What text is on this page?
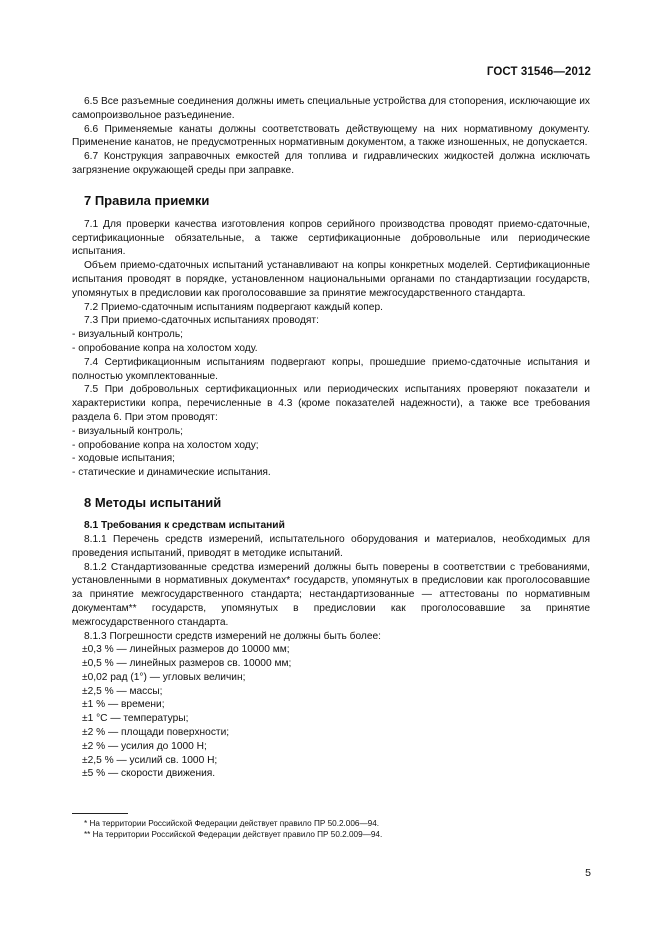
ГОСТ 31546—2012

6.5 Все разъемные соединения должны иметь специальные устройства для стопорения, исключающие их самопроизвольное разъединение.

6.6 Применяемые канаты должны соответствовать действующему на них нормативному документу. Применение канатов, не предусмотренных нормативным документом, а также изношенных, не допускается.

6.7 Конструкция заправочных емкостей для топлива и гидравлических жидкостей должна исключать загрязнение окружающей среды при заправке.

7 Правила приемки

7.1 Для проверки качества изготовления копров серийного производства проводят приемо-сдаточные, сертификационные обязательные, а также сертификационные добровольные или периодические испытания.

Объем приемо-сдаточных испытаний устанавливают на копры конкретных моделей. Сертификационные испытания проводят в порядке, установленном национальными органами по стандартизации государств, упомянутых в предисловии как проголосовавшие за принятие межгосударственного стандарта.

7.2 Приемо-сдаточным испытаниям подвергают каждый копер.

7.3 При приемо-сдаточных испытаниях проводят:

- визуальный контроль;

- опробование копра на холостом ходу.

7.4 Сертификационным испытаниям подвергают копры, прошедшие приемо-сдаточные испытания и полностью укомплектованные.

7.5 При добровольных сертификационных или периодических испытаниях проверяют показатели и характеристики копра, перечисленные в 4.3 (кроме показателей надежности), а также все требования раздела 6. При этом проводят:

- визуальный контроль;

- опробование копра на холостом ходу;

- ходовые испытания;

- статические и динамические испытания.

8 Методы испытаний
8.1 Требования к средствам испытаний

8.1.1 Перечень средств измерений, испытательного оборудования и материалов, необходимых для проведения испытаний, приводят в методике испытаний.

8.1.2 Стандартизованные средства измерений должны быть поверены в соответствии с требованиями, установленными в нормативных документах* государств, упомянутых в предисловии как проголосовавшие за принятие межгосударственного стандарта; нестандартизованные — аттестованы по нормативным документам** государств, упомянутых в предисловии как проголосовавшие за принятие межгосударственного стандарта.

8.1.3 Погрешности средств измерений не должны быть более:

±0,3 % — линейных размеров до 10000 мм;

±0,5 % — линейных размеров св. 10000 мм;

±0,02 рад (1°) — угловых величин;

±2,5 % — массы;

±1 % — времени;

±1 °С — температуры;

±2 % — площади поверхности;

±2 % — усилия до 1000 Н;

±2,5 % — усилий св. 1000 Н;

±5 % — скорости движения.

* На территории Российской Федерации действует правило ПР 50.2.006—94.
** На территории Российской Федерации действует правило ПР 50.2.009—94.
5
